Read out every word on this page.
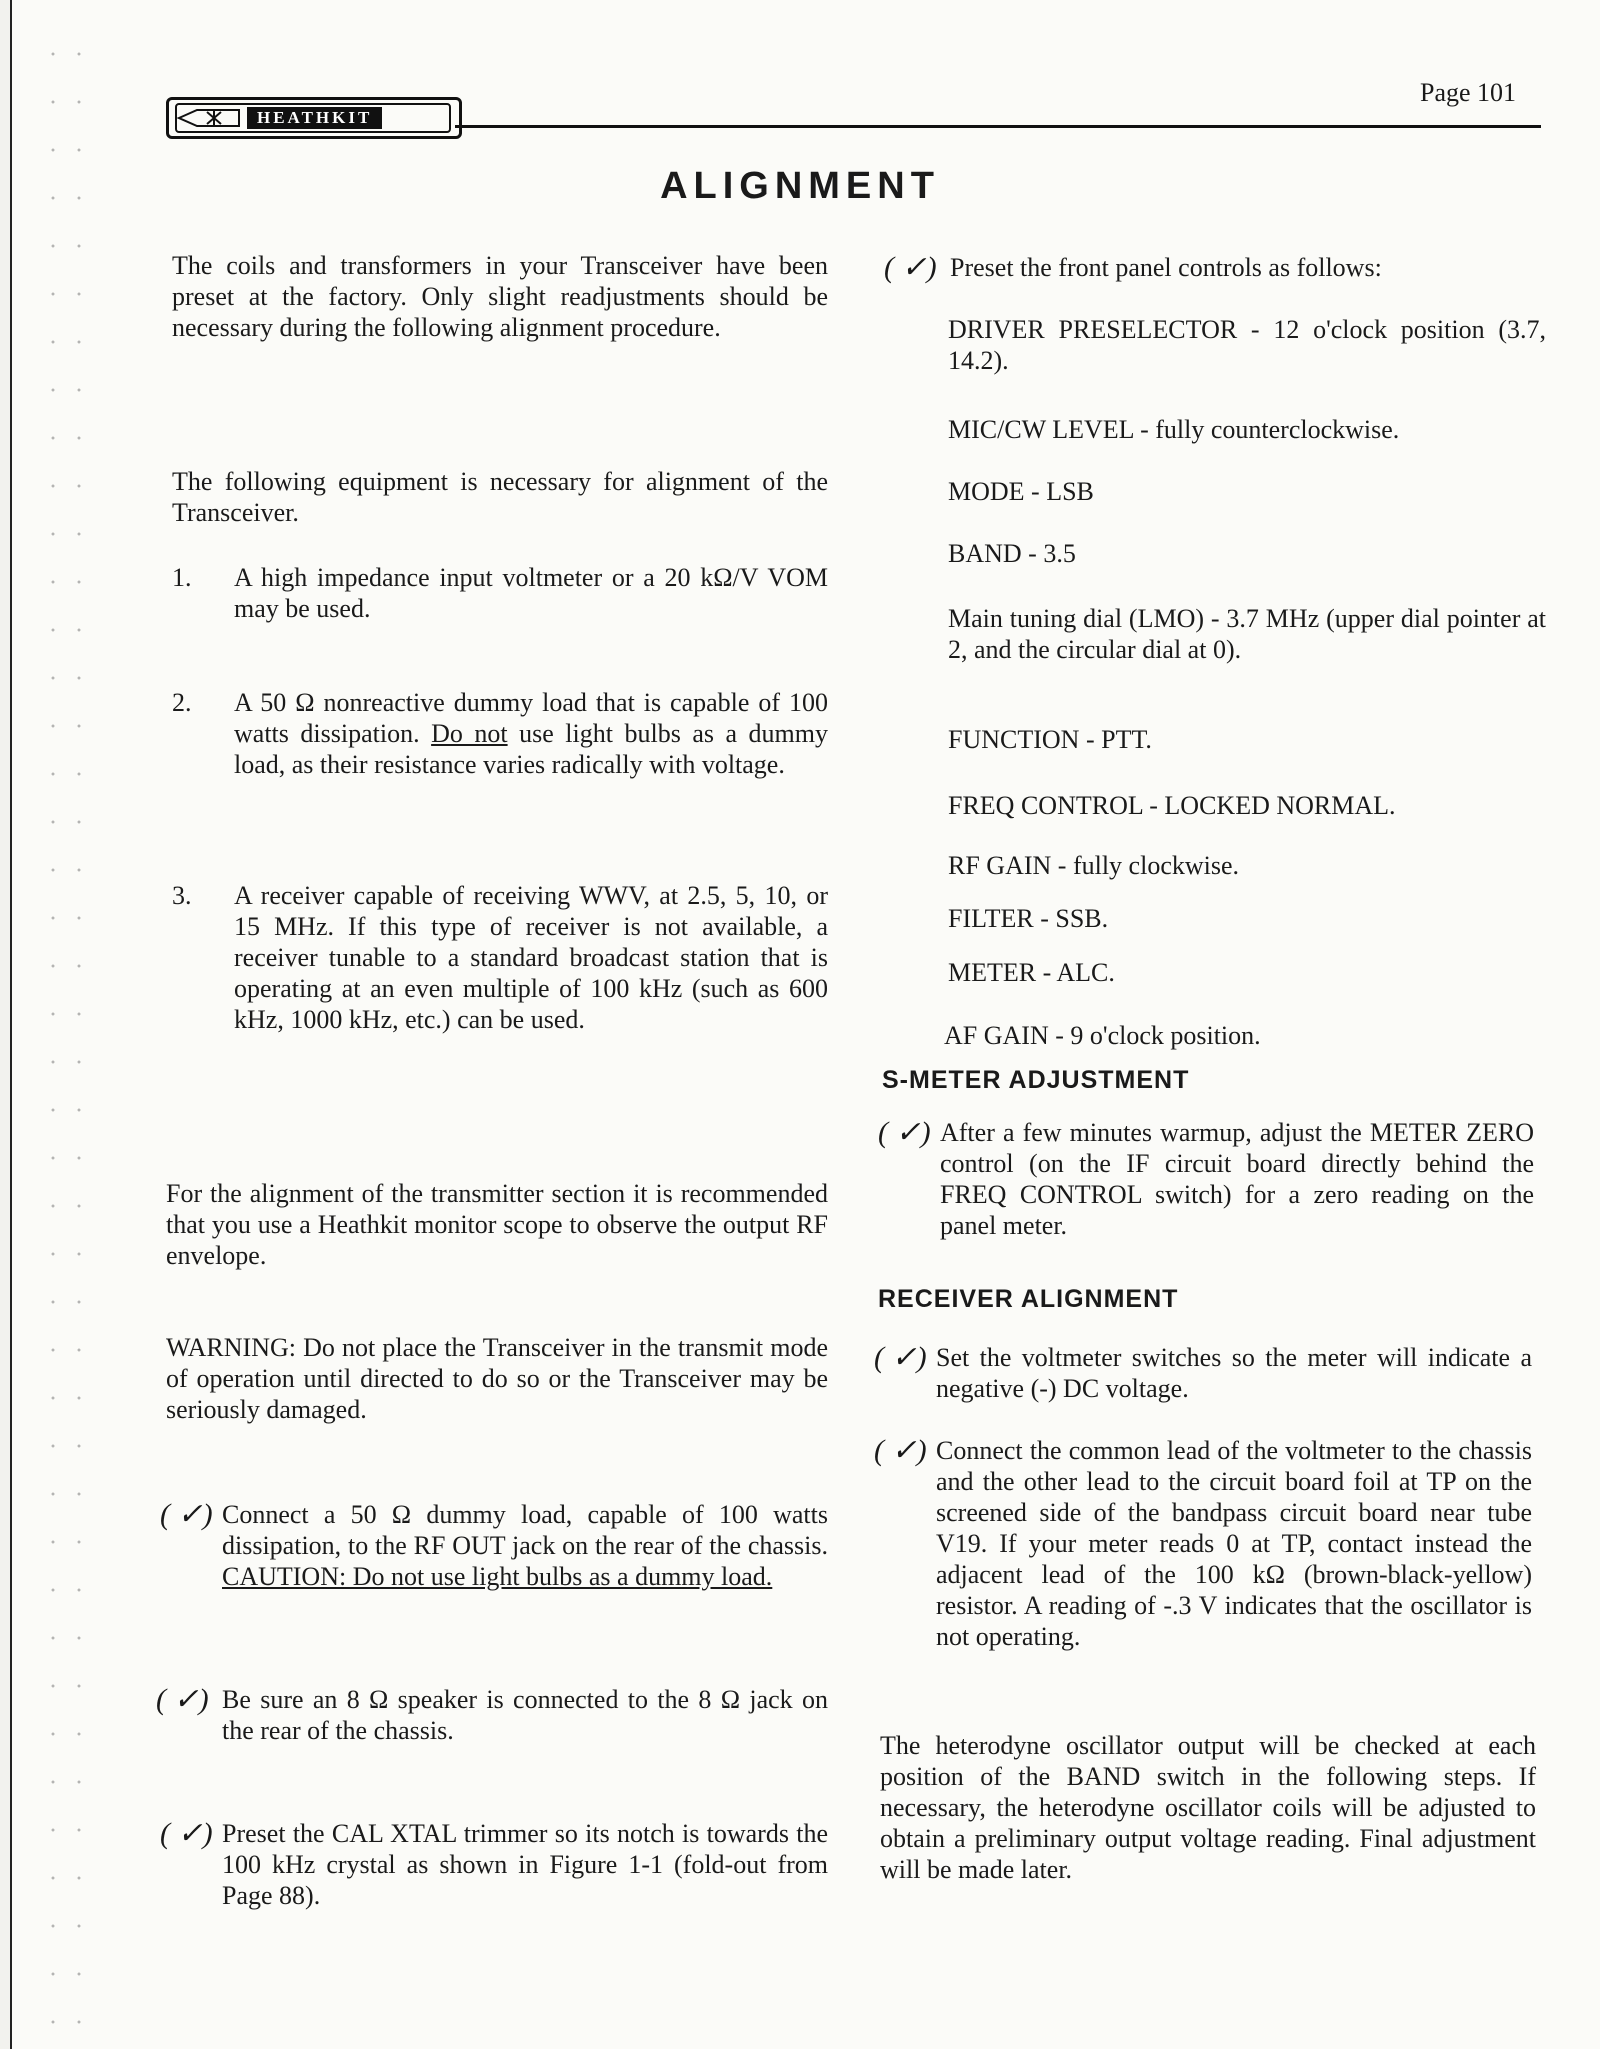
HEATHKIT
Page 101
ALIGNMENT

The coils and transformers in your Transceiver have been preset at the factory. Only slight readjustments should be necessary during the following alignment procedure.

The following equipment is necessary for alignment of the Transceiver.

1. A high impedance input voltmeter or a 20 kΩ/V VOM may be used.

2. A 50 Ω nonreactive dummy load that is capable of 100 watts dissipation. Do not use light bulbs as a dummy load, as their resistance varies radically with voltage.

3. A receiver capable of receiving WWV, at 2.5, 5, 10, or 15 MHz. If this type of receiver is not available, a receiver tunable to a standard broadcast station that is operating at an even multiple of 100 kHz (such as 600 kHz, 1000 kHz, etc.) can be used.

For the alignment of the transmitter section it is recommended that you use a Heathkit monitor scope to observe the output RF envelope.

WARNING: Do not place the Transceiver in the transmit mode of operation until directed to do so or the Transceiver may be seriously damaged.

( ✓) Connect a 50 Ω dummy load, capable of 100 watts dissipation, to the RF OUT jack on the rear of the chassis. CAUTION: Do not use light bulbs as a dummy load.

( ✓) Be sure an 8 Ω speaker is connected to the 8 Ω jack on the rear of the chassis.

( ✓) Preset the CAL XTAL trimmer so its notch is towards the 100 kHz crystal as shown in Figure 1-1 (fold-out from Page 88).

( ✓) Preset the front panel controls as follows:

DRIVER PRESELECTOR - 12 o'clock position (3.7, 14.2).

MIC/CW LEVEL - fully counterclockwise.

MODE - LSB

BAND - 3.5

Main tuning dial (LMO) - 3.7 MHz (upper dial pointer at 2, and the circular dial at 0).

FUNCTION - PTT.

FREQ CONTROL - LOCKED NORMAL.

RF GAIN - fully clockwise.

FILTER - SSB.

METER - ALC.

AF GAIN - 9 o'clock position.

S-METER ADJUSTMENT
( ✓) After a few minutes warmup, adjust the METER ZERO control (on the IF circuit board directly behind the FREQ CONTROL switch) for a zero reading on the panel meter.

RECEIVER ALIGNMENT
( ✓) Set the voltmeter switches so the meter will indicate a negative (-) DC voltage.

( ✓) Connect the common lead of the voltmeter to the chassis and the other lead to the circuit board foil at TP on the screened side of the bandpass circuit board near tube V19. If your meter reads 0 at TP, contact instead the adjacent lead of the 100 kΩ (brown-black-yellow) resistor. A reading of -.3 V indicates that the oscillator is not operating.

The heterodyne oscillator output will be checked at each position of the BAND switch in the following steps. If necessary, the heterodyne oscillator coils will be adjusted to obtain a preliminary output voltage reading. Final adjustment will be made later.
